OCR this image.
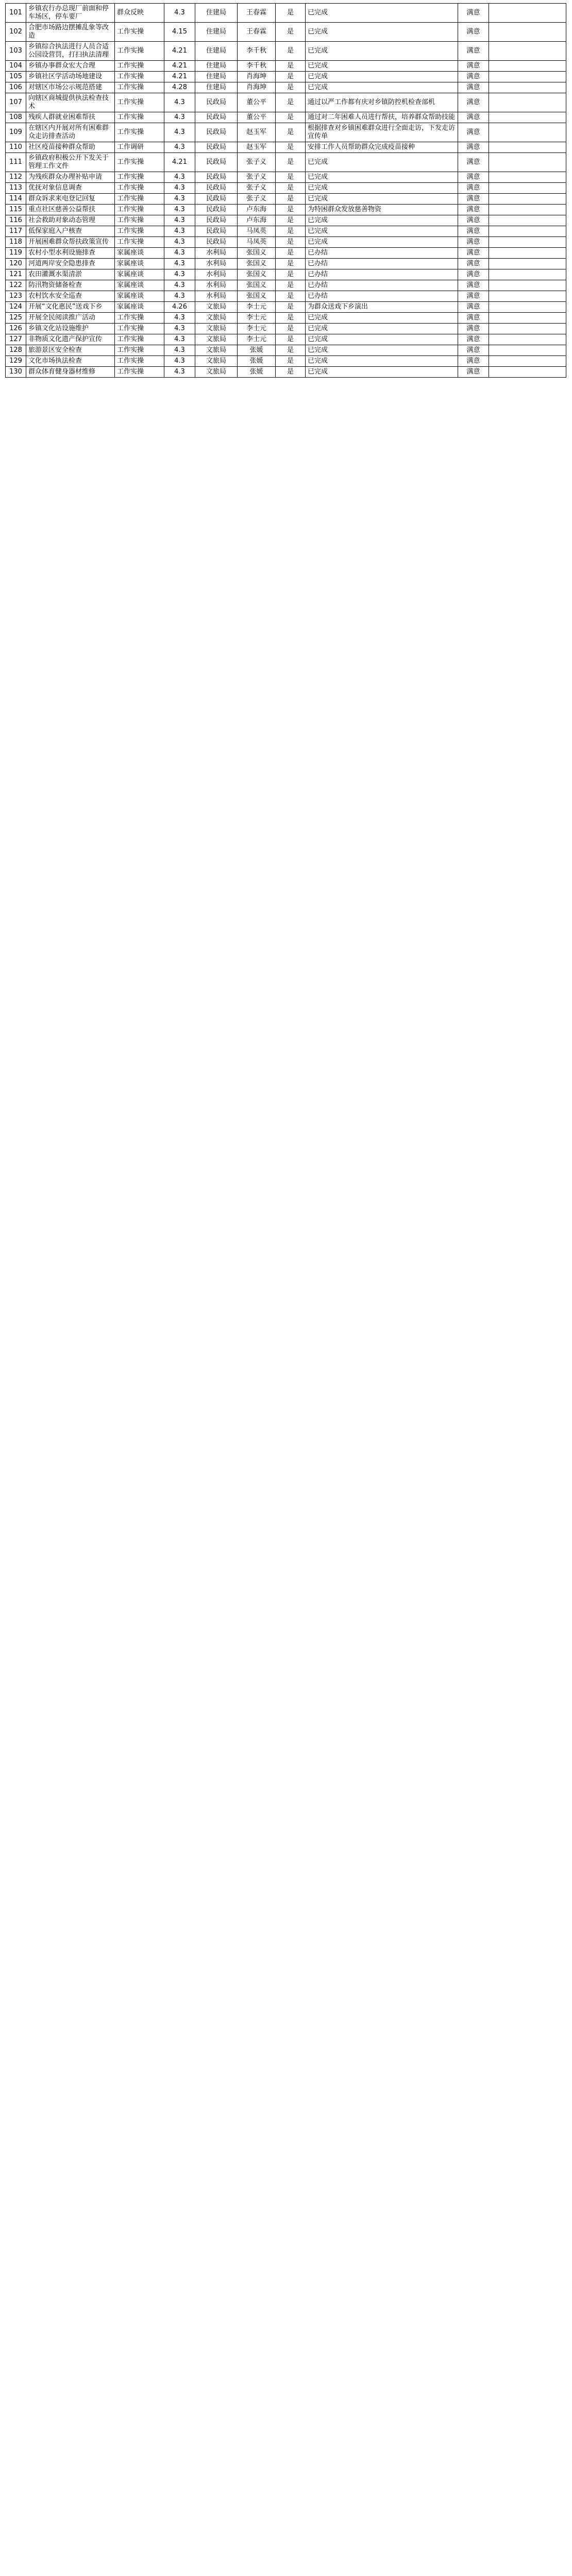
101	乡镇农行办总现厂前面和停车场区，停车要厂	群众反映	4.3	住建局	王春霖	是	已完成	满意	
102	合肥市场路边摆摊乱象等改造	工作实操	4.15	住建局	王春霖	是	已完成	满意	
103	乡镇综合执法进行人员合适公园设营罚，打扫执法清理	工作实操	4.21	住建局	李千秋	是	已完成	满意	
104	乡镇办事群众宏大合理	工作实操	4.21	住建局	李千秋	是	已完成	满意	
105	乡镇社区学活动场地建设	工作实操	4.21	住建局	肖海坤	是	已完成	满意	
106	对辖区市场公示规范搭建	工作实操	4.28	住建局	肖海坤	是	已完成	满意	
107	向辖区商城提供执法检查技术	工作实操	4.3	民政局	董公平	是	通过以严工作都有庆对乡镇防控机检查部机	满意	
108	残疾人群就业困难帮扶	工作实操	4.3	民政局	董公平	是	通过对二年困难人员进行帮扶，培养群众帮助技能	满意	
109	在辖区内开展对所有困难群众走访排查活动	工作实操	4.3	民政局	赵玉军	是	根据排查对乡镇困难群众进行全面走访，下发走访宣传单	满意	
110	社区疫苗接种群众帮助	工作调研	4.3	民政局	赵玉军	是	安排工作人员帮助群众完成疫苗接种	满意	
111	乡镇政府积极公开下发关于管理工作文件	工作实操	4.21	民政局	张子义	是	已完成	满意	
112	为残疾群众办理补贴申请	工作实操	4.3	民政局	张子义	是	已完成	满意	
113	优抚对象信息调查	工作实操	4.3	民政局	张子义	是	已完成	满意	
114	群众诉求来电登记回复	工作实操	4.3	民政局	张子义	是	已完成	满意	
115	重点社区慈善公益帮扶	工作实操	4.3	民政局	卢东海	是	为特困群众发放慈善物资	满意	
116	社会救助对象动态管理	工作实操	4.3	民政局	卢东海	是	已完成	满意	
117	低保家庭入户核查	工作实操	4.3	民政局	马凤英	是	已完成	满意	
118	开展困难群众帮扶政策宣传	工作实操	4.3	民政局	马凤英	是	已完成	满意	
119	农村小型水利设施排查	家属座谈	4.3	水利局	张国义	是	已办结	满意	
120	河道两岸安全隐患排查	家属座谈	4.3	水利局	张国义	是	已办结	满意	
121	农田灌溉水渠清淤	家属座谈	4.3	水利局	张国义	是	已办结	满意	
122	防汛物资储备检查	家属座谈	4.3	水利局	张国义	是	已办结	满意	
123	农村饮水安全巡查	家属座谈	4.3	水利局	张国义	是	已办结	满意	
124	开展“文化惠民”送戏下乡	家属座谈	4.26	文旅局	李士元	是	为群众送戏下乡演出	满意	
125	开展全民阅读推广活动	工作实操	4.3	文旅局	李士元	是	已完成	满意	
126	乡镇文化站设施维护	工作实操	4.3	文旅局	李士元	是	已完成	满意	
127	非物质文化遗产保护宣传	工作实操	4.3	文旅局	李士元	是	已完成	满意	
128	旅游景区安全检查	工作实操	4.3	文旅局	张媛	是	已完成	满意	
129	文化市场执法检查	工作实操	4.3	文旅局	张媛	是	已完成	满意	
130	群众体育健身器材维修	工作实操	4.3	文旅局	张媛	是	已完成	满意	
